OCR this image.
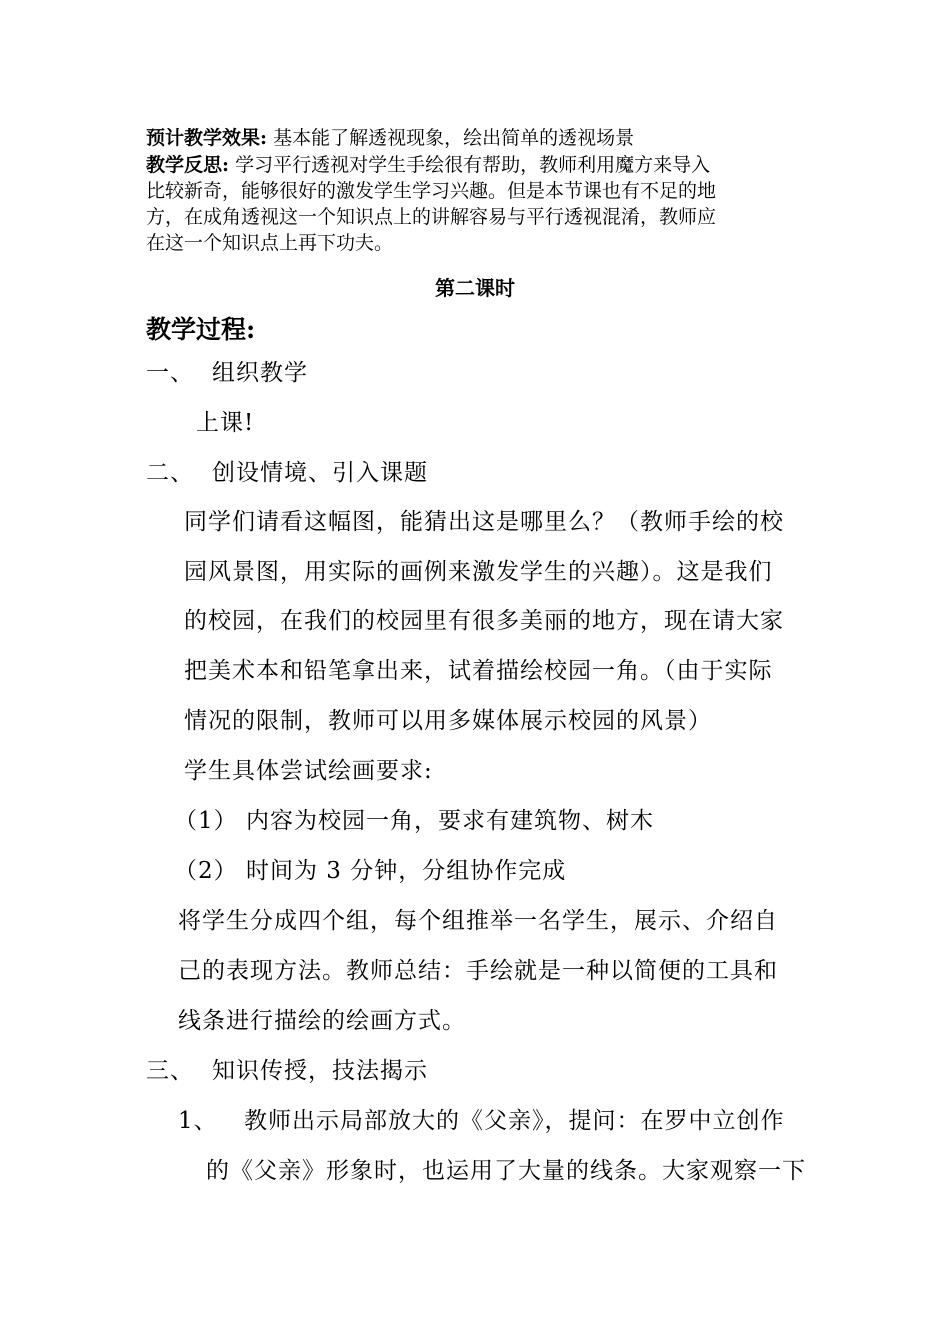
预计教学效果: 基本能了解透视现象，绘出简单的透视场景
教学反思: 学习平行透视对学生手绘很有帮助，教师利用魔方来导入
比较新奇，能够很好的激发学生学习兴趣。但是本节课也有不足的地
方，在成角透视这一个知识点上的讲解容易与平行透视混淆，教师应
在这一个知识点上再下功夫。
第二课时
教学过程:
一、 组织教学
上课!
二、 创设情境、引入课题
同学们请看这幅图，能猜出这是哪里么？（教师手绘的校
园风景图，用实际的画例来激发学生的兴趣）。这是我们
的校园，在我们的校园里有很多美丽的地方，现在请大家
把美术本和铅笔拿出来，试着描绘校园一角。（由于实际
情况的限制，教师可以用多媒体展示校园的风景）
学生具体尝试绘画要求:
（1） 内容为校园一角，要求有建筑物、树木
（2） 时间为 3 分钟，分组协作完成
将学生分成四个组，每个组推举一名学生，展示、介绍自
己的表现方法。教师总结：手绘就是一种以简便的工具和
线条进行描绘的绘画方式。
三、 知识传授，技法揭示
1、 教师出示局部放大的《父亲》，提问：在罗中立创作
的《父亲》形象时，也运用了大量的线条。大家观察一下
